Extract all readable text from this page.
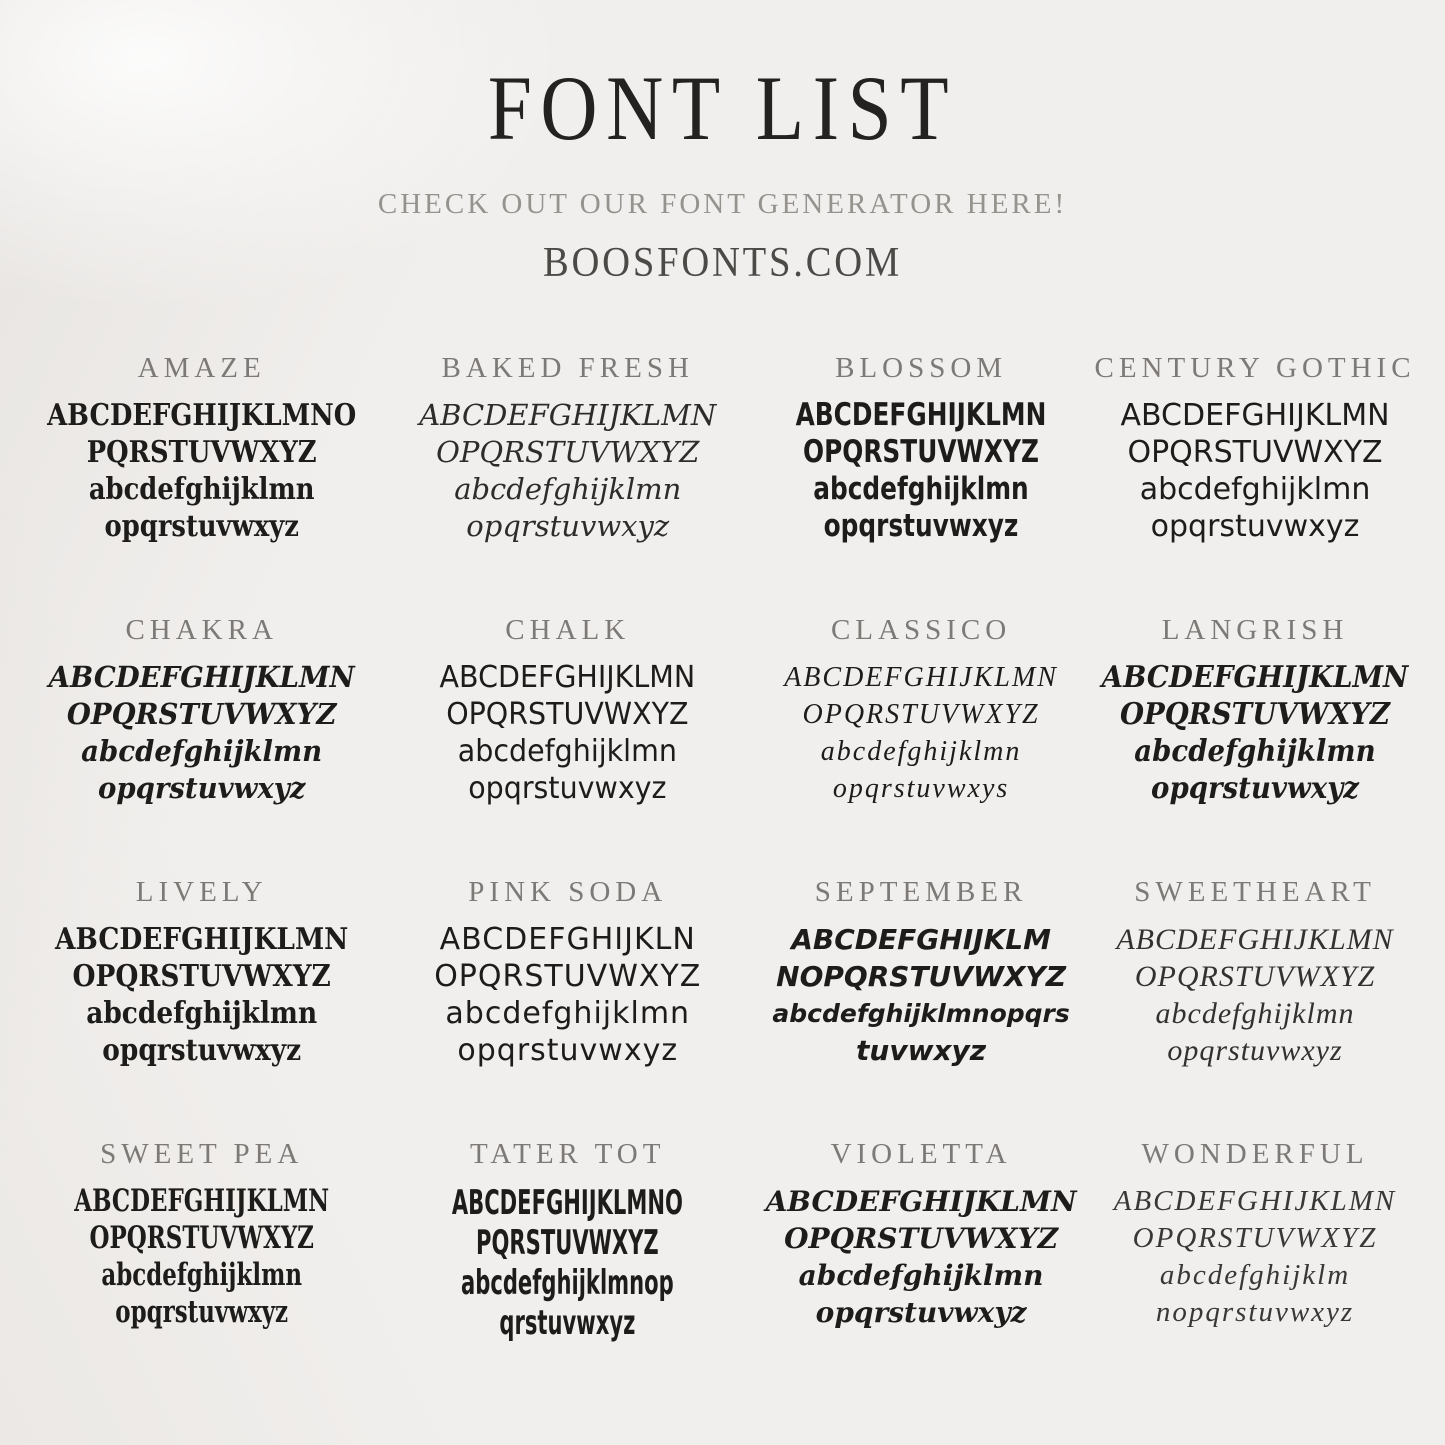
FONT LIST
CHECK OUT OUR FONT GENERATOR HERE!
BOOSFONTS.COM
AMAZE
ABCDEFGHIJKLMNO
PQRSTUVWXYZ
abcdefghijklmn
opqrstuvwxyz
BAKED FRESH
ABCDEFGHIJKLMN
OPQRSTUVWXYZ
abcdefghijklmn
opqrstuvwxyz
BLOSSOM
ABCDEFGHIJKLMN
OPQRSTUVWXYZ
abcdefghijklmn
opqrstuvwxyz
CENTURY GOTHIC
ABCDEFGHIJKLMN
OPQRSTUVWXYZ
abcdefghijklmn
opqrstuvwxyz
CHAKRA
ABCDEFGHIJKLMN
OPQRSTUVWXYZ
abcdefghijklmn
opqrstuvwxyz
CHALK
ABCDEFGHIJKLMN
OPQRSTUVWXYZ
abcdefghijklmn
opqrstuvwxyz
CLASSICO
ABCDEFGHIJKLMN
OPQRSTUVWXYZ
abcdefghijklmn
opqrstuvwxys
LANGRISH
ABCDEFGHIJKLMN
OPQRSTUVWXYZ
abcdefghijklmn
opqrstuvwxyz
LIVELY
ABCDEFGHIJKLMN
OPQRSTUVWXYZ
abcdefghijklmn
opqrstuvwxyz
PINK SODA
ABCDEFGHIJKLN
OPQRSTUVWXYZ
abcdefghijklmn
opqrstuvwxyz
SEPTEMBER
ABCDEFGHIJKLM
NOPQRSTUVWXYZ
abcdefghijklmnopqrs
tuvwxyz
SWEETHEART
ABCDEFGHIJKLMN
OPQRSTUVWXYZ
abcdefghijklmn
opqrstuvwxyz
SWEET PEA
ABCDEFGHIJKLMN
OPQRSTUVWXYZ
abcdefghijklmn
opqrstuvwxyz
TATER TOT
ABCDEFGHIJKLMNO
PQRSTUVWXYZ
abcdefghijklmnop
qrstuvwxyz
VIOLETTA
ABCDEFGHIJKLMN
OPQRSTUVWXYZ
abcdefghijklmn
opqrstuvwxyz
WONDERFUL
ABCDEFGHIJKLMN
OPQRSTUVWXYZ
abcdefghijklm
nopqrstuvwxyz
